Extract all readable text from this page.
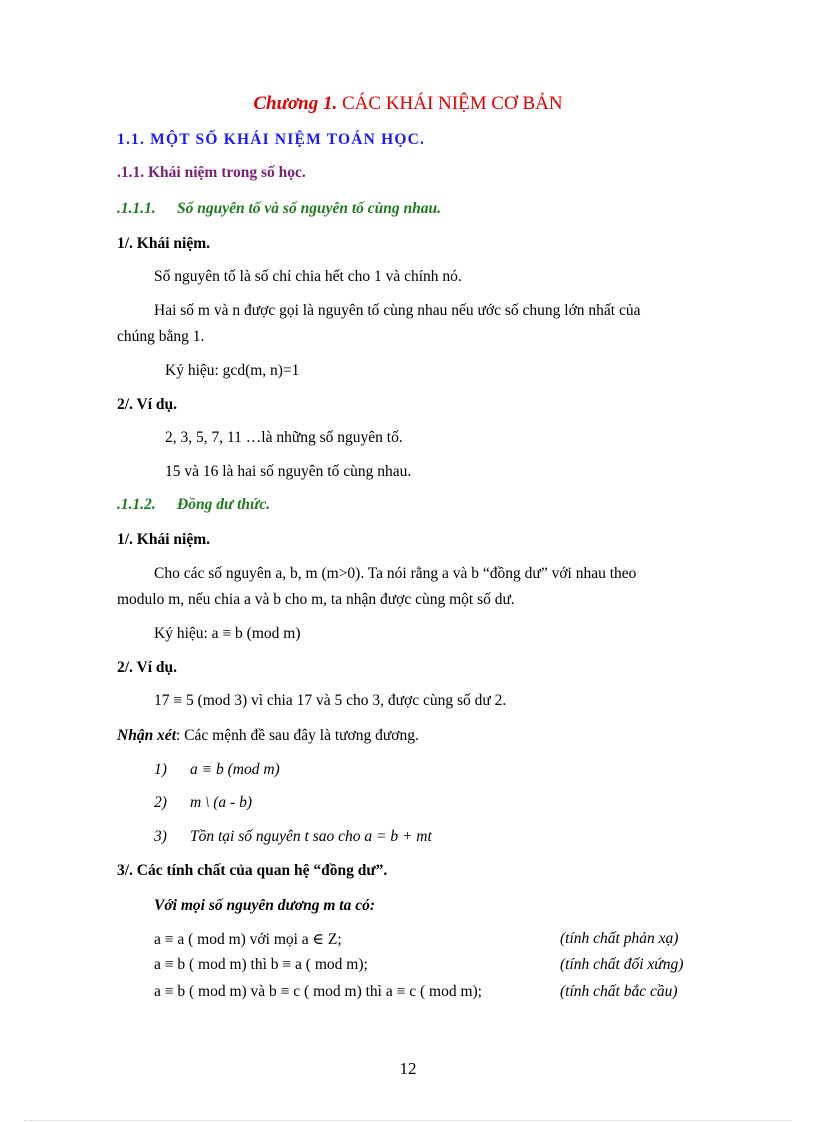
Chương 1. CÁC KHÁI NIỆM CƠ BẢN
1.1. MỘT SỐ KHÁI NIỆM TOÁN HỌC.
.1.1. Khái niệm trong số học.
.1.1.1. Số nguyên tố và số nguyên tố cùng nhau.
1/. Khái niệm.
Số nguyên tố là số chỉ chia hết cho 1 và chính nó.
Hai số m và n được gọi là nguyên tố cùng nhau nếu ước số chung lớn nhất của
chúng bằng 1.
Ký hiệu: gcd(m, n)=1
2/. Ví dụ.
2, 3, 5, 7, 11 …là những số nguyên tố.
15 và 16 là hai số nguyên tố cùng nhau.
.1.1.2. Đồng dư thức.
1/. Khái niệm.
Cho các số nguyên a, b, m (m>0). Ta nói rằng a và b “đồng dư” với nhau theo
modulo m, nếu chia a và b cho m, ta nhận được cùng một số dư.
Ký hiệu: a ≡ b (mod m)
2/. Ví dụ.
17 ≡ 5 (mod 3) vì chia 17 và 5 cho 3, được cùng số dư 2.
Nhận xét: Các mệnh đề sau đây là tương đương.
1) a ≡ b (mod m)
2) m \ (a - b)
3) Tồn tại số nguyên t sao cho a = b + mt
3/. Các tính chất của quan hệ “đồng dư”.
Với mọi số nguyên dương m ta có:
a ≡ a ( mod m) với mọi a ∈ Z;	(tính chất phản xạ)
a ≡ b ( mod m) thì b ≡ a ( mod m);	(tính chất đối xứng)
a ≡ b ( mod m) và b ≡ c ( mod m) thì a ≡ c ( mod m);	(tính chất bắc cầu)
12
